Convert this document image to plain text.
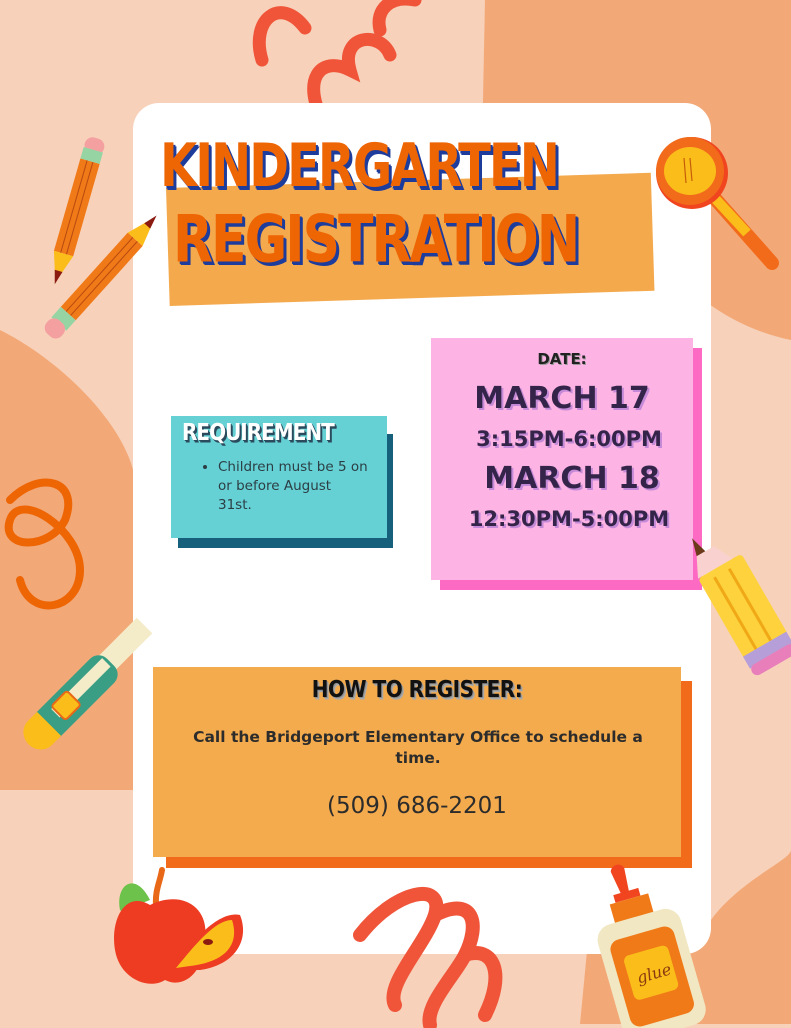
KINDERGARTEN
REGISTRATION
REQUIREMENT
• Children must be 5 on or before August 31st.
DATE:
MARCH 17
3:15PM-6:00PM
MARCH 18
12:30PM-5:00PM
HOW TO REGISTER:
Call the Bridgeport Elementary Office to schedule a time.
(509) 686-2201
glue
